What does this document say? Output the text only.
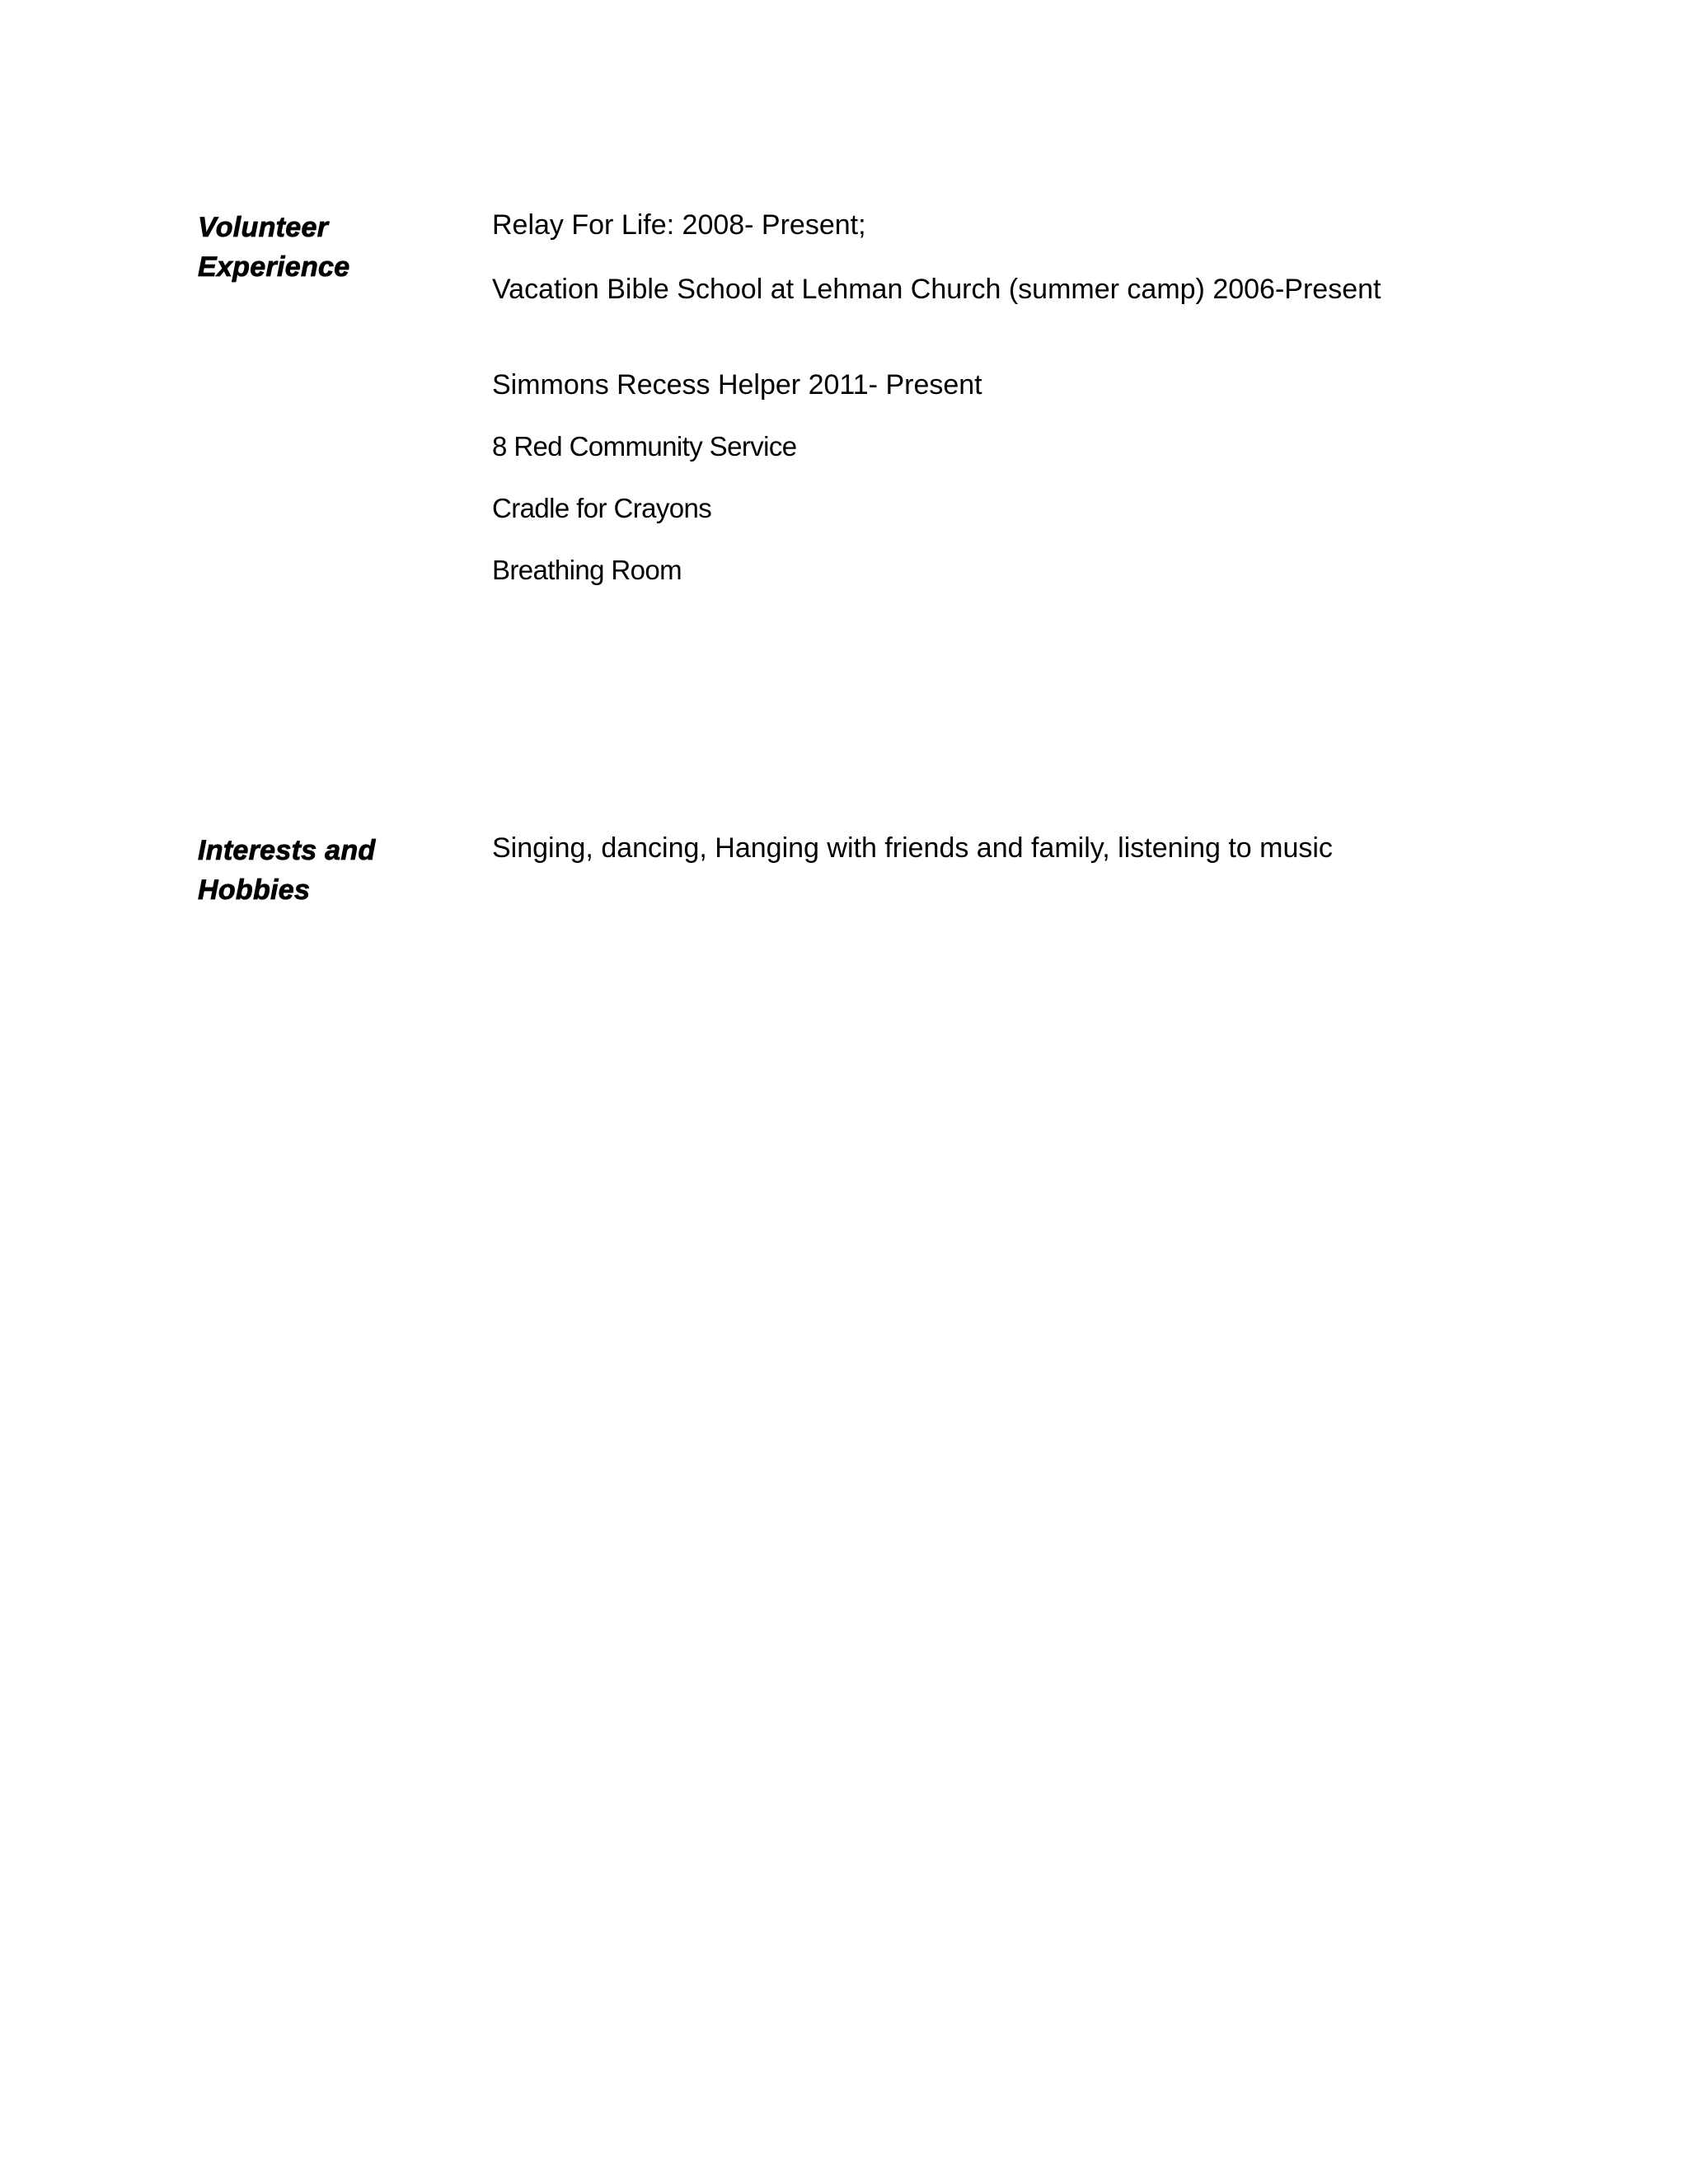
Volunteer
Experience
Relay For Life: 2008- Present;
Vacation Bible School at Lehman Church (summer camp) 2006-Present
Simmons Recess Helper 2011- Present
8 Red Community Service
Cradle for Crayons
Breathing Room
Interests and
Hobbies
Singing, dancing, Hanging with friends and family, listening to music
